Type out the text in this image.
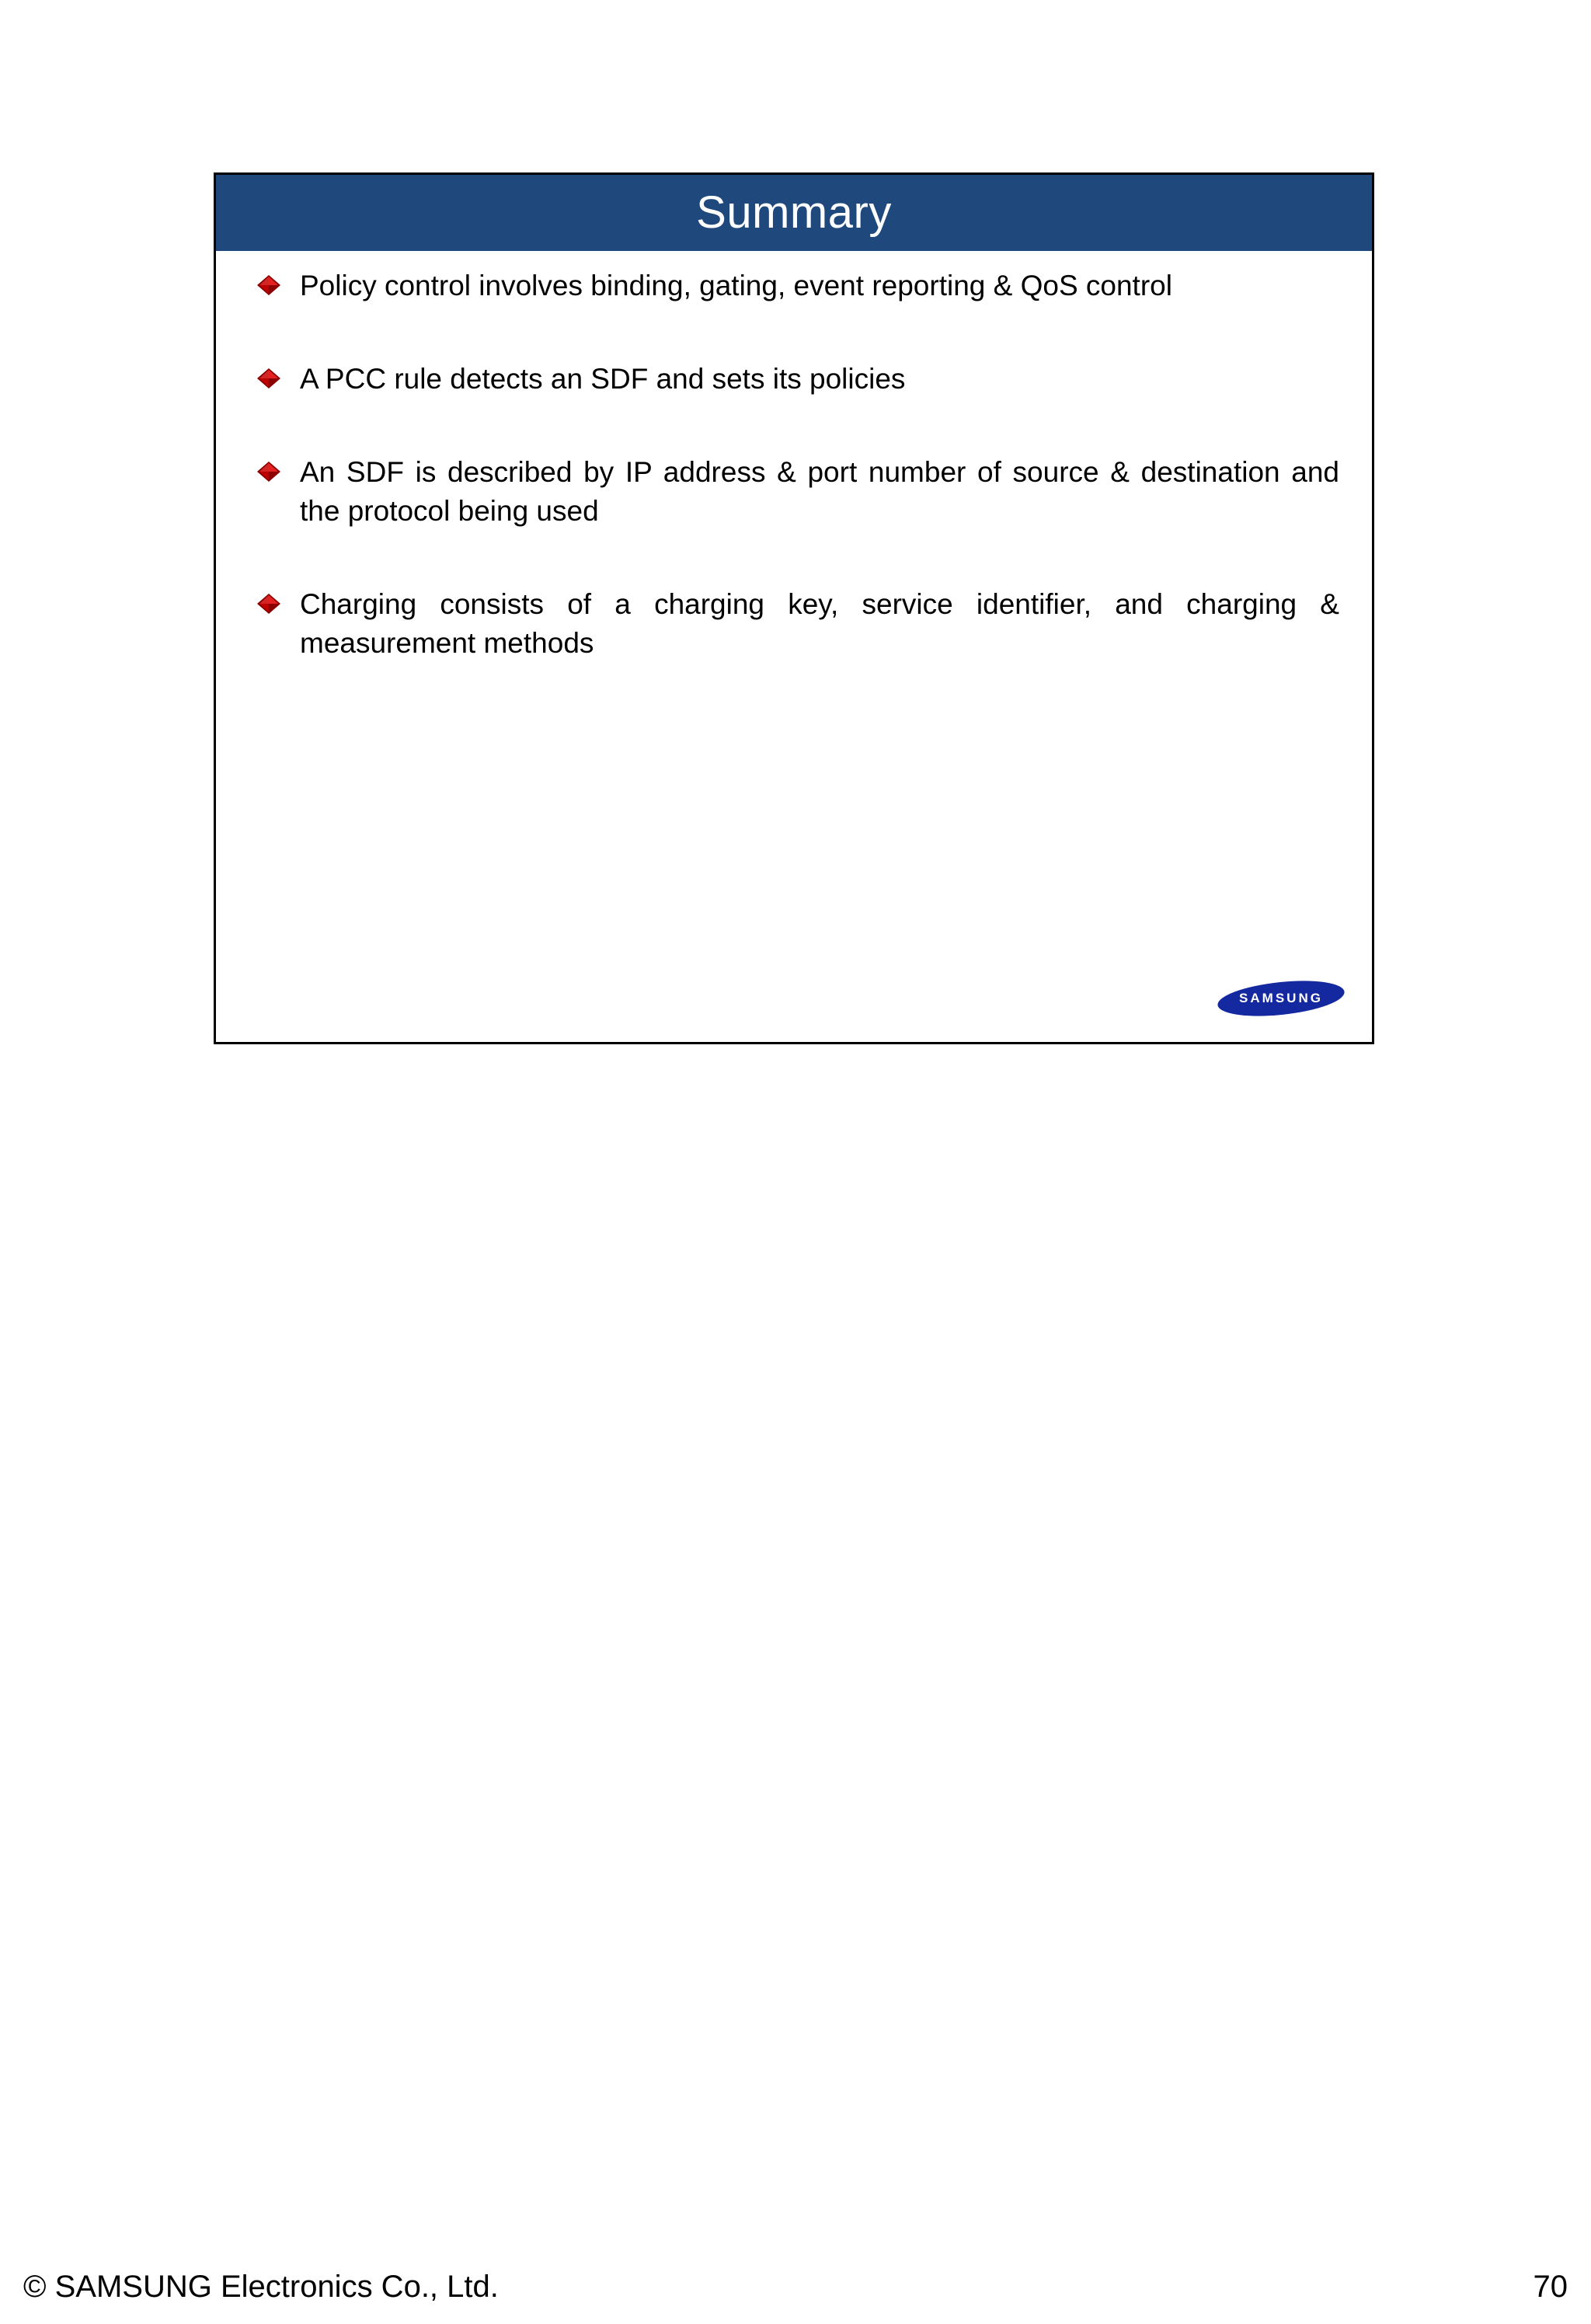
Summary
Policy control involves binding, gating, event reporting & QoS control
A PCC rule detects an SDF and sets its policies
An SDF is described by IP address & port number of source & destination and the protocol being used
Charging consists of a charging key, service identifier, and charging & measurement methods
SAMSUNG
© SAMSUNG Electronics Co., Ltd.	70
